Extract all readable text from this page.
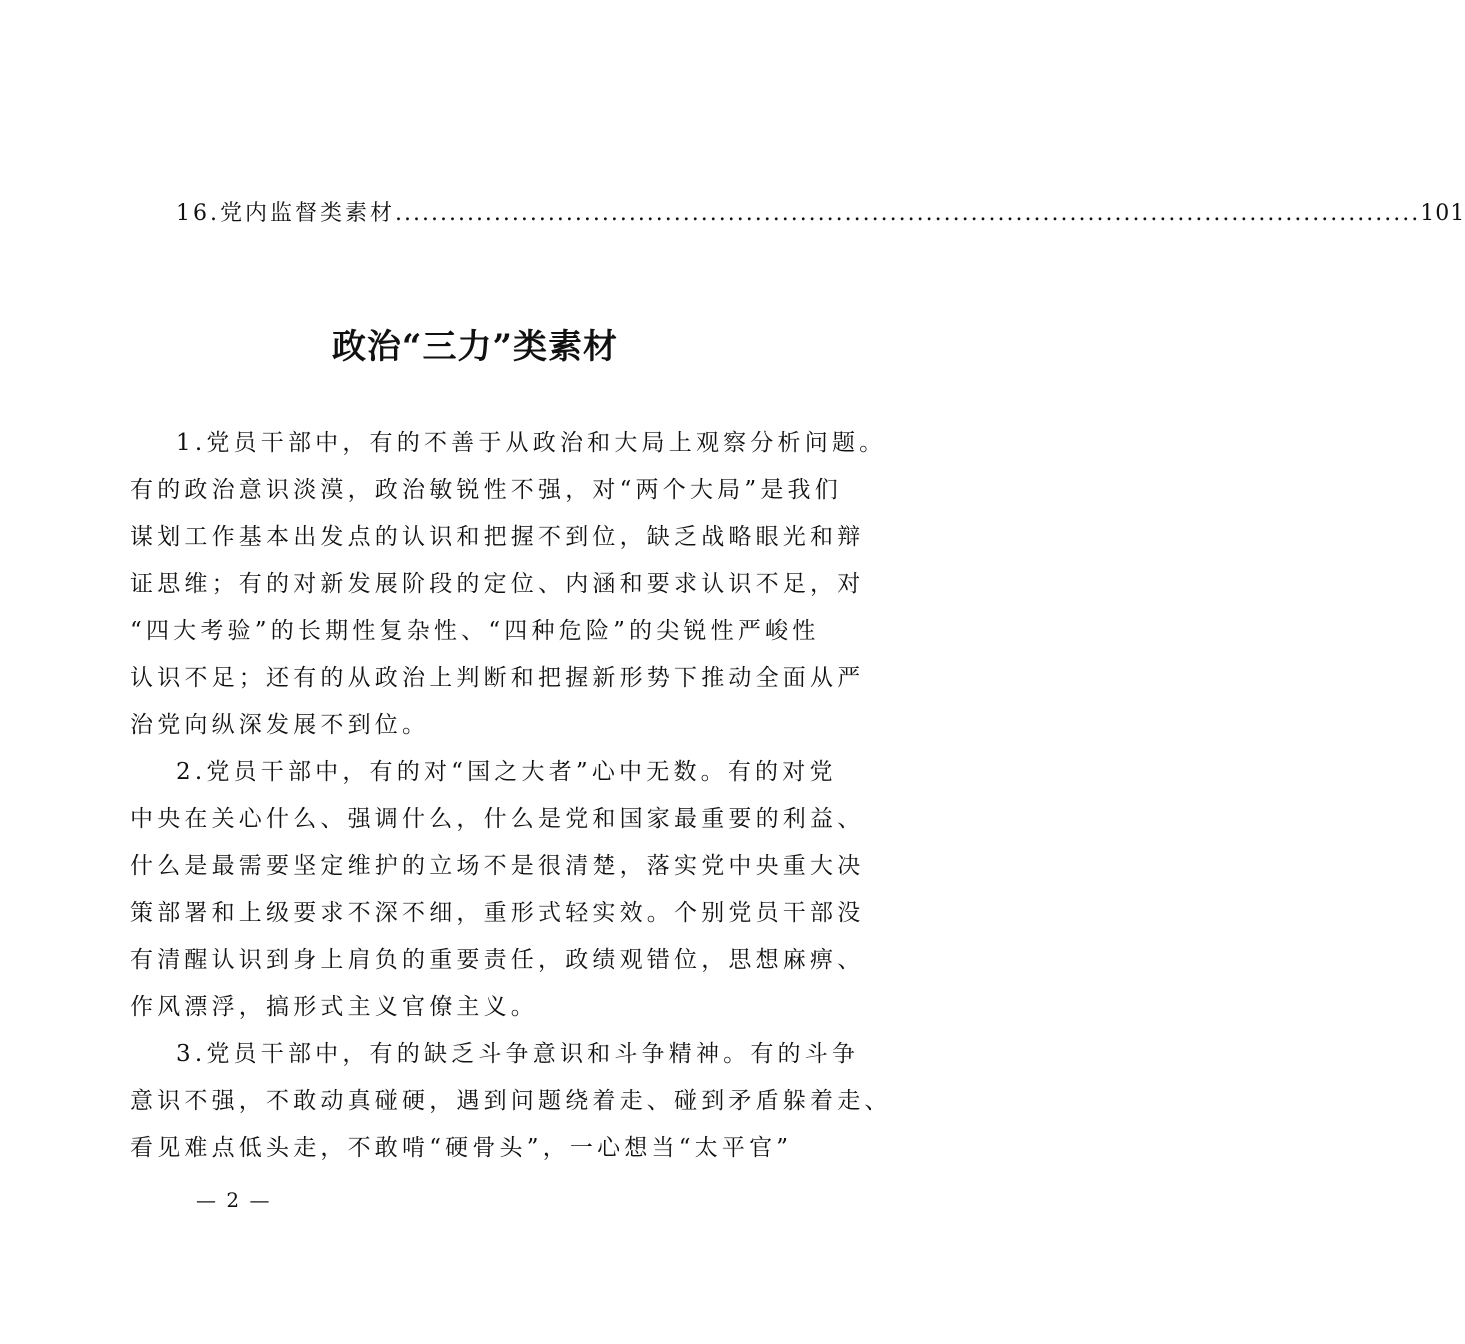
16.党内监督类素材 .................................................................................................................. 101
政治“三力”类素材
1.党员干部中，有的不善于从政治和大局上观察分析问题。
有的政治意识淡漠，政治敏锐性不强，对“两个大局”是我们
谋划工作基本出发点的认识和把握不到位，缺乏战略眼光和辩
证思维；有的对新发展阶段的定位、内涵和要求认识不足，对
“四大考验”的长期性复杂性、“四种危险”的尖锐性严峻性
认识不足；还有的从政治上判断和把握新形势下推动全面从严
治党向纵深发展不到位。
2.党员干部中，有的对“国之大者”心中无数。有的对党
中央在关心什么、强调什么，什么是党和国家最重要的利益、
什么是最需要坚定维护的立场不是很清楚，落实党中央重大决
策部署和上级要求不深不细，重形式轻实效。个别党员干部没
有清醒认识到身上肩负的重要责任，政绩观错位，思想麻痹、
作风漂浮，搞形式主义官僚主义。
3.党员干部中，有的缺乏斗争意识和斗争精神。有的斗争
意识不强，不敢动真碰硬，遇到问题绕着走、碰到矛盾躲着走、
看见难点低头走，不敢啃“硬骨头”，一心想当“太平官”
— 2 —
